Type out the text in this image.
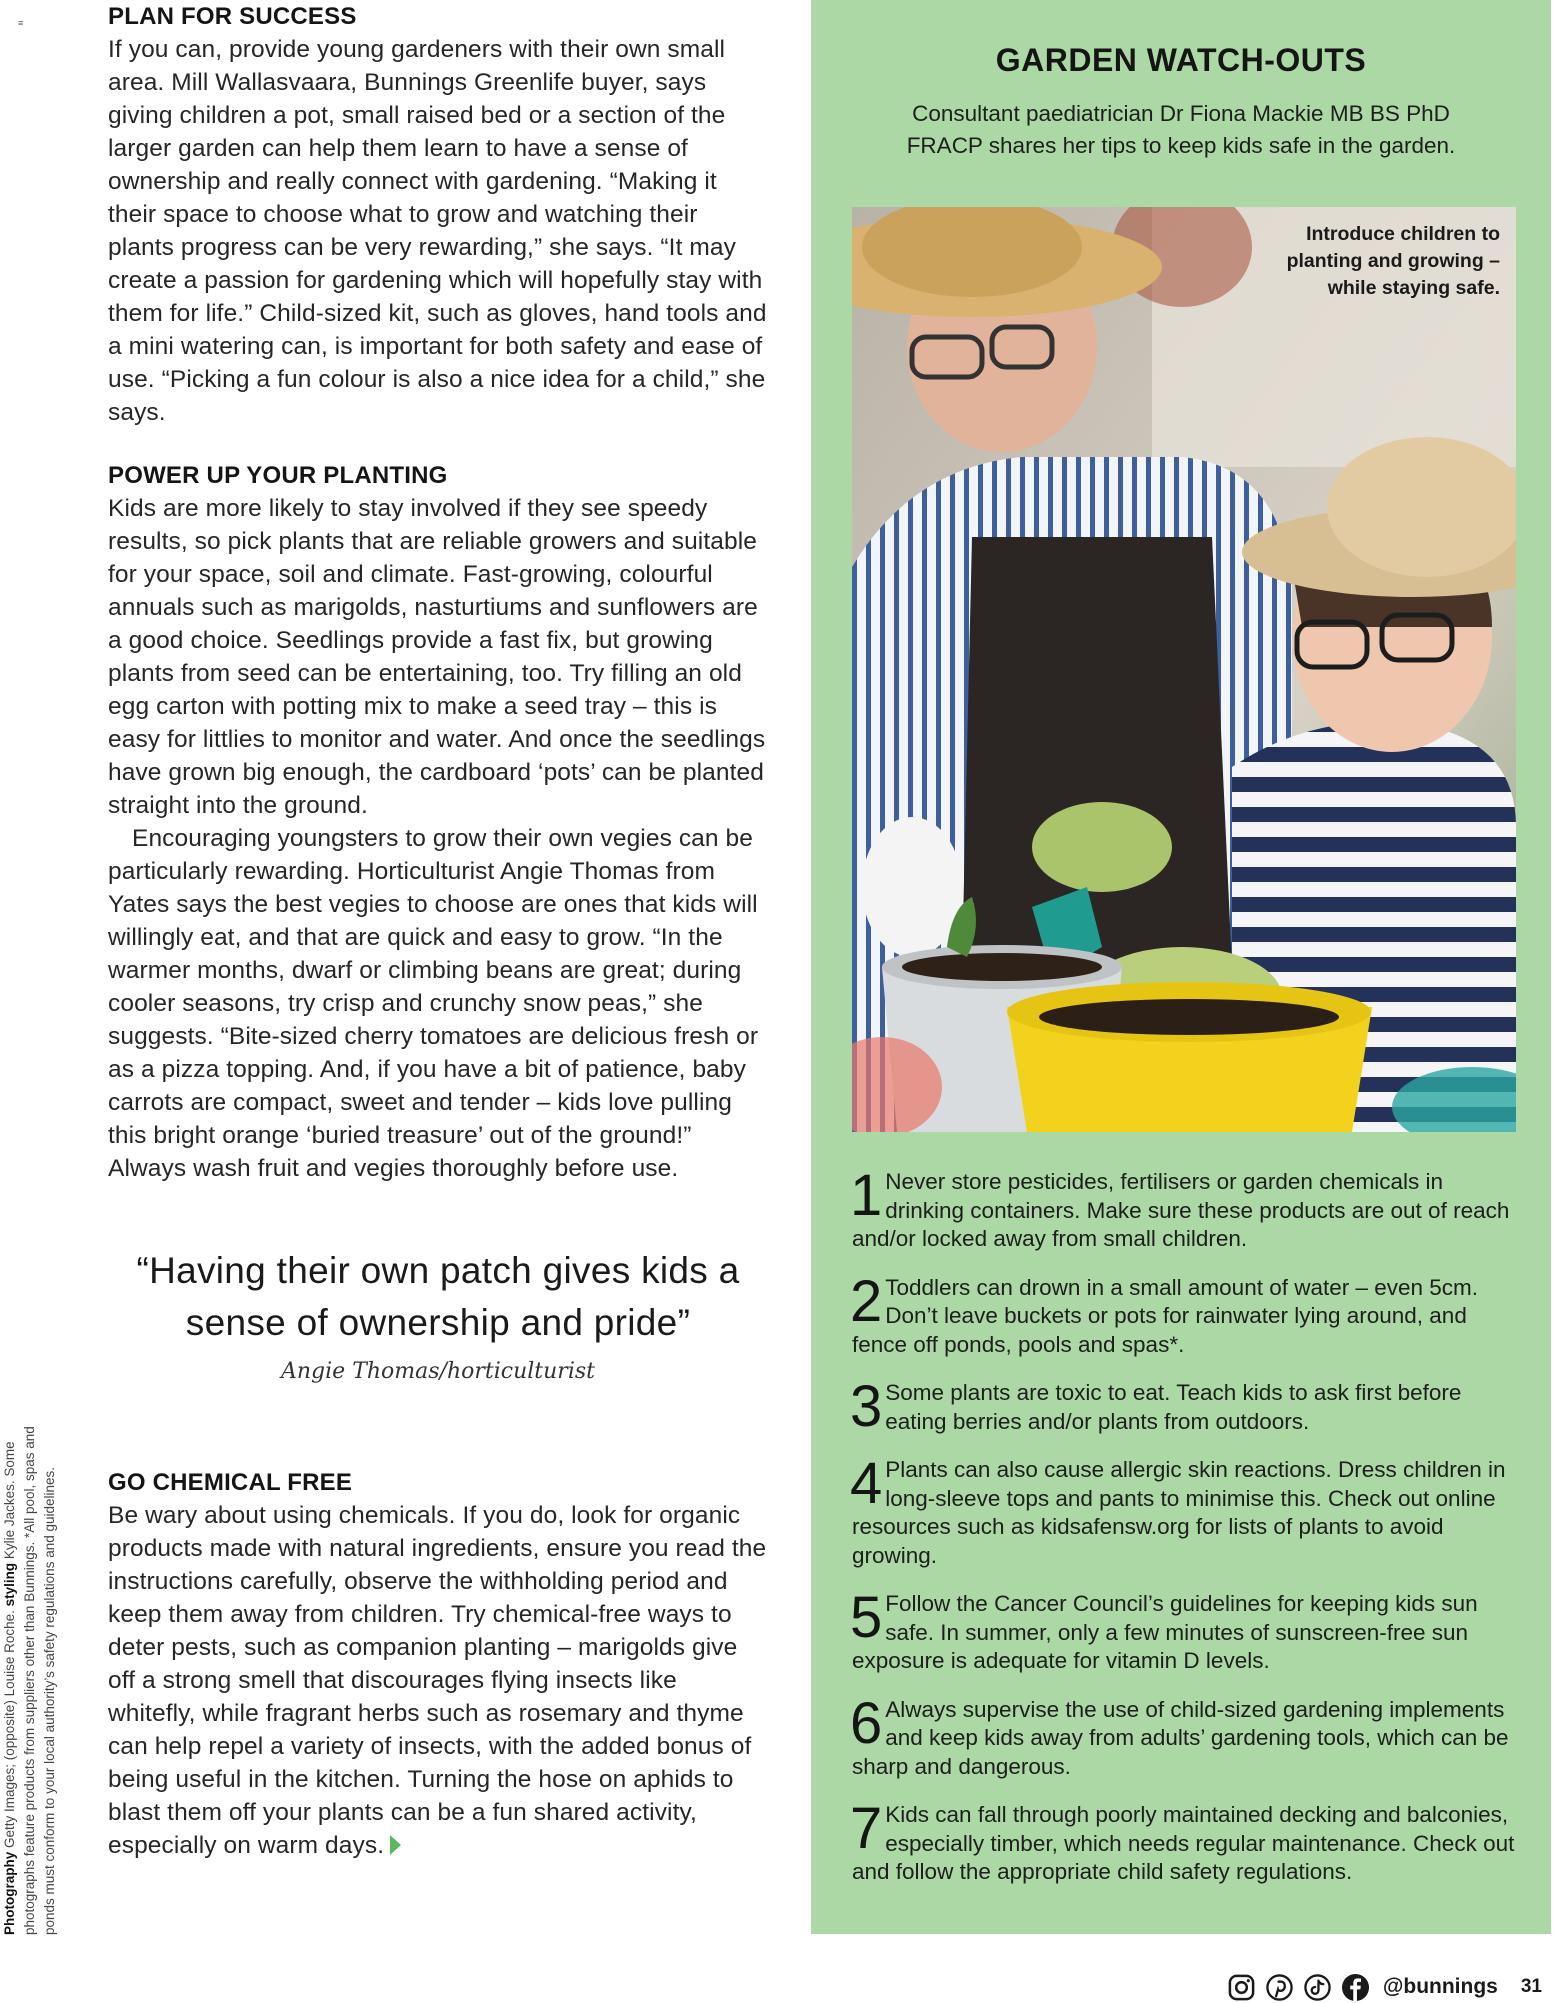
≡
Photography Getty Images; (opposite) Louise Roche. styling Kylie Jackes. Some photographs feature products from suppliers other than Bunnings. *All pool, spas and ponds must conform to your local authority’s safety regulations and guidelines.
PLAN FOR SUCCESS

If you can, provide young gardeners with their own small area. Mill Wallasvaara, Bunnings Greenlife buyer, says giving children a pot, small raised bed or a section of the larger garden can help them learn to have a sense of ownership and really connect with gardening. “Making it their space to choose what to grow and watching their plants progress can be very rewarding,” she says. “It may create a passion for gardening which will hopefully stay with them for life.” Child-sized kit, such as gloves, hand tools and a mini watering can, is important for both safety and ease of use. “Picking a fun colour is also a nice idea for a child,” she says.

POWER UP YOUR PLANTING

Kids are more likely to stay involved if they see speedy results, so pick plants that are reliable growers and suitable for your space, soil and climate. Fast-growing, colourful annuals such as marigolds, nasturtiums and sunflowers are a good choice. Seedlings provide a fast fix, but growing plants from seed can be entertaining, too. Try filling an old egg carton with potting mix to make a seed tray – this is easy for littlies to monitor and water. And once the seedlings have grown big enough, the cardboard ‘pots’ can be planted straight into the ground.

Encouraging youngsters to grow their own vegies can be particularly rewarding. Horticulturist Angie Thomas from Yates says the best vegies to choose are ones that kids will willingly eat, and that are quick and easy to grow. “In the warmer months, dwarf or climbing beans are great; during cooler seasons, try crisp and crunchy snow peas,” she suggests. “Bite-sized cherry tomatoes are delicious fresh or as a pizza topping. And, if you have a bit of patience, baby carrots are compact, sweet and tender – kids love pulling this bright orange ‘buried treasure’ out of the ground!” Always wash fruit and vegies thoroughly before use.

“Having their own patch gives kids a sense of ownership and pride”

Angie Thomas/horticulturist
GO CHEMICAL FREE

Be wary about using chemicals. If you do, look for organic products made with natural ingredients, ensure you read the instructions carefully, observe the withholding period and keep them away from children. Try chemical-free ways to deter pests, such as companion planting – marigolds give off a strong smell that discourages flying insects like whitefly, while fragrant herbs such as rosemary and thyme can help repel a variety of insects, with the added bonus of being useful in the kitchen. Turning the hose on aphids to blast them off your plants can be a fun shared activity, especially on warm days.

GARDEN WATCH-OUTS
Consultant paediatrician Dr Fiona Mackie MB BS PhD FRACP shares her tips to keep kids safe in the garden.
Introduce children to planting and growing – while staying safe.

1 Never store pesticides, fertilisers or garden chemicals in drinking containers. Make sure these products are out of reach and/or locked away from small children.

2 Toddlers can drown in a small amount of water – even 5cm. Don’t leave buckets or pots for rainwater lying around, and fence off ponds, pools and spas*.

3 Some plants are toxic to eat. Teach kids to ask first before eating berries and/or plants from outdoors.

4 Plants can also cause allergic skin reactions. Dress children in long-sleeve tops and pants to minimise this. Check out online resources such as kidsafensw.org for lists of plants to avoid growing.

5 Follow the Cancer Council’s guidelines for keeping kids sun safe. In summer, only a few minutes of sunscreen-free sun exposure is adequate for vitamin D levels.

6 Always supervise the use of child-sized gardening implements and keep kids away from adults’ gardening tools, which can be sharp and dangerous.

7 Kids can fall through poorly maintained decking and balconies, especially timber, which needs regular maintenance. Check out and follow the appropriate child safety regulations.

@bunnings 31
